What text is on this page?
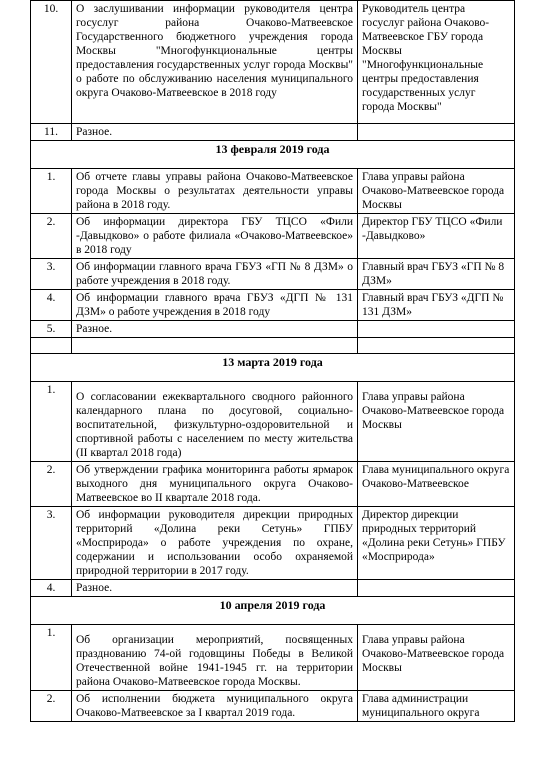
10.	О заслушивании информации руководителя центра госуслуг района Очаково-Матвеевское Государственного бюджетного учреждения города Москвы "Многофункциональные центры предоставления государственных услуг города Москвы" о работе по обслуживанию населения муниципального округа Очаково-Матвеевское в 2018 году	Руководитель центра госуслуг района Очаково-Матвеевское ГБУ города Москвы "Многофункциональные центры предоставления государственных услуг города Москвы"
11.	Разное.	
13 февраля 2019 года		
1.	Об отчете главы управы района Очаково-Матвеевское города Москвы о результатах деятельности управы района в 2018 году.	Глава управы района Очаково-Матвеевское города Москвы
2.	Об информации директора ГБУ ТЦСО «Фили -Давыдково» о работе филиала «Очаково-Матвеевское» в 2018 году	Директор ГБУ ТЦСО «Фили -Давыдково»
3.	Об информации главного врача ГБУЗ «ГП № 8 ДЗМ» о работе учреждения в 2018 году.	Главный врач ГБУЗ «ГП № 8 ДЗМ»
4.	Об информации главного врача ГБУЗ «ДГП № 131 ДЗМ» о работе учреждения в 2018 году	Главный врач ГБУЗ «ДГП № 131 ДЗМ»
5.	Разное.	

13 марта 2019 года		
1.	О согласовании ежеквартального сводного районного календарного плана по досуговой, социально-воспитательной, физкультурно-оздоровительной и спортивной работы с населением по месту жительства (II квартал 2018 года)	Глава управы района Очаково-Матвеевское города Москвы
2.	Об утверждении графика мониторинга работы ярмарок выходного дня муниципального округа Очаково-Матвеевское во II квартале 2018 года.	Глава муниципального округа Очаково-Матвеевское
3.	Об информации руководителя дирекции природных территорий «Долина реки Сетунь» ГПБУ «Мосприрода» о работе учреждения по охране, содержании и использовании особо охраняемой природной территории в 2017 году.	Директор дирекции природных территорий «Долина реки Сетунь» ГПБУ «Мосприрода»
4.	Разное.	
10 апреля 2019 года		
1.	Об организации мероприятий, посвященных празднованию 74-ой годовщины Победы в Великой Отечественной войне 1941-1945 гг. на территории района Очаково-Матвеевское города Москвы.	Глава управы района Очаково-Матвеевское города Москвы
2.	Об исполнении бюджета муниципального округа Очаково-Матвеевское за I квартал 2019 года.	Глава администрации муниципального округа
